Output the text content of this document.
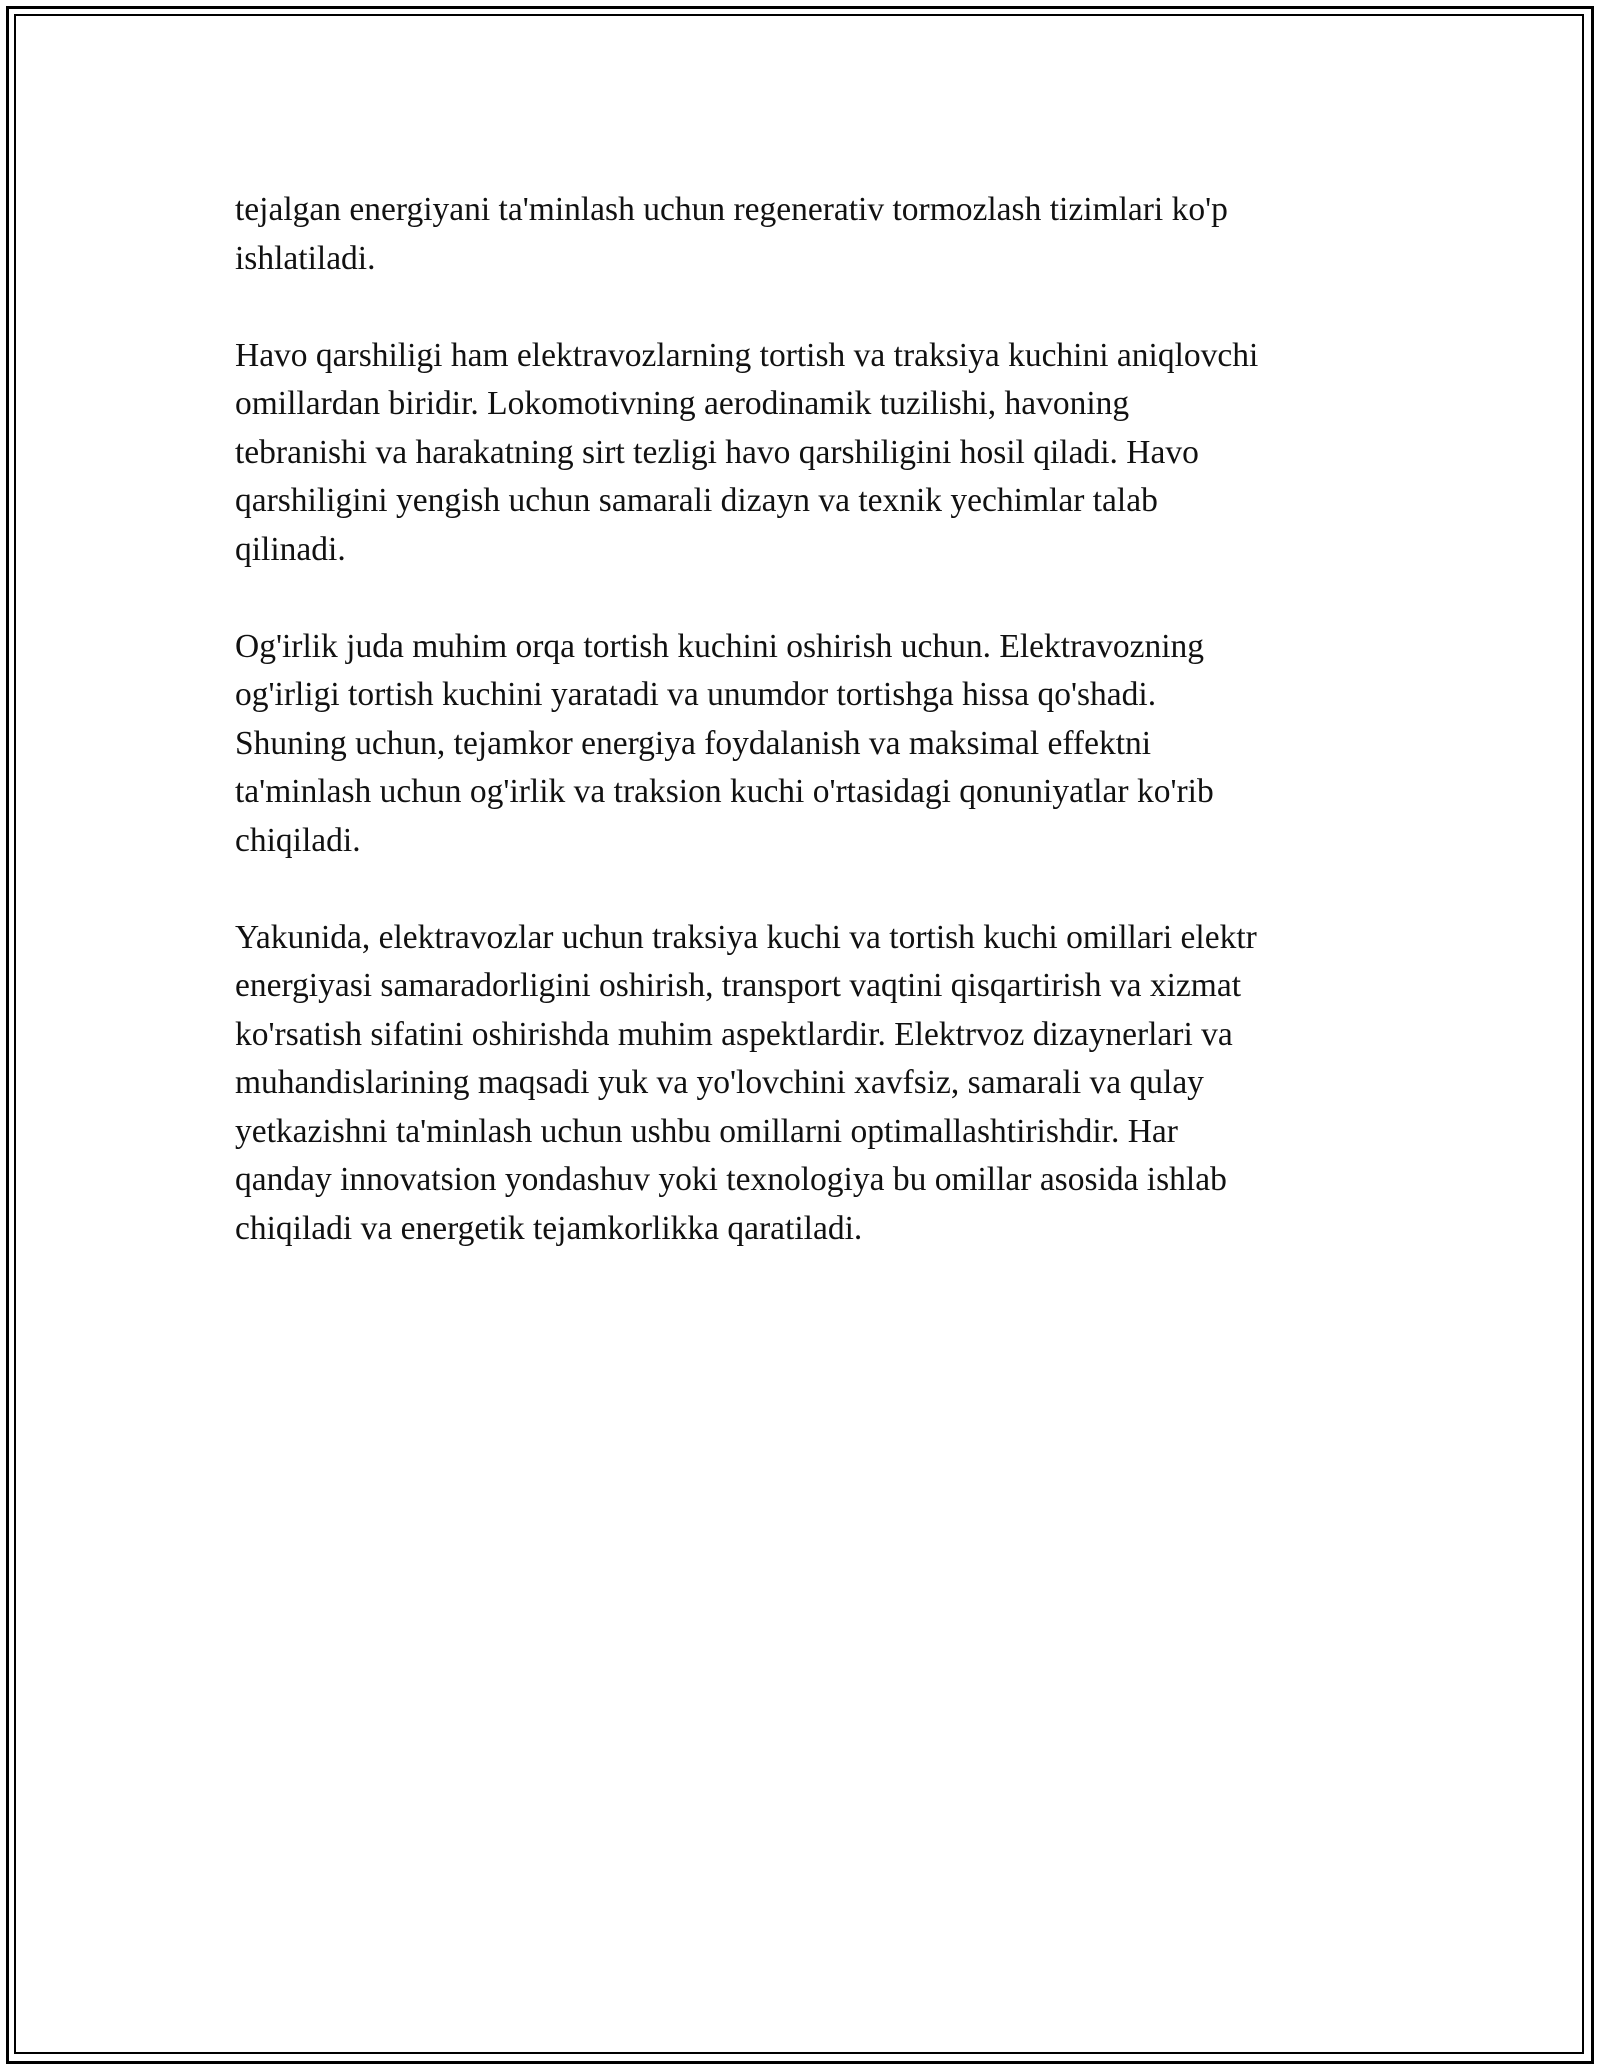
tejalgan energiyani ta'minlash uchun regenerativ tormozlash tizimlari ko'p
ishlatiladi.

Havo qarshiligi ham elektravozlarning tortish va traksiya kuchini aniqlovchi
omillardan biridir. Lokomotivning aerodinamik tuzilishi, havoning
tebranishi va harakatning sirt tezligi havo qarshiligini hosil qiladi. Havo
qarshiligini yengish uchun samarali dizayn va texnik yechimlar talab
qilinadi.

Og'irlik juda muhim orqa tortish kuchini oshirish uchun. Elektravozning
og'irligi tortish kuchini yaratadi va unumdor tortishga hissa qo'shadi.
Shuning uchun, tejamkor energiya foydalanish va maksimal effektni
ta'minlash uchun og'irlik va traksion kuchi o'rtasidagi qonuniyatlar ko'rib
chiqiladi.

Yakunida, elektravozlar uchun traksiya kuchi va tortish kuchi omillari elektr
energiyasi samaradorligini oshirish, transport vaqtini qisqartirish va xizmat
ko'rsatish sifatini oshirishda muhim aspektlardir. Elektrvoz dizaynerlari va
muhandislarining maqsadi yuk va yo'lovchini xavfsiz, samarali va qulay
yetkazishni ta'minlash uchun ushbu omillarni optimallashtirishdir. Har
qanday innovatsion yondashuv yoki texnologiya bu omillar asosida ishlab
chiqiladi va energetik tejamkorlikka qaratiladi.
